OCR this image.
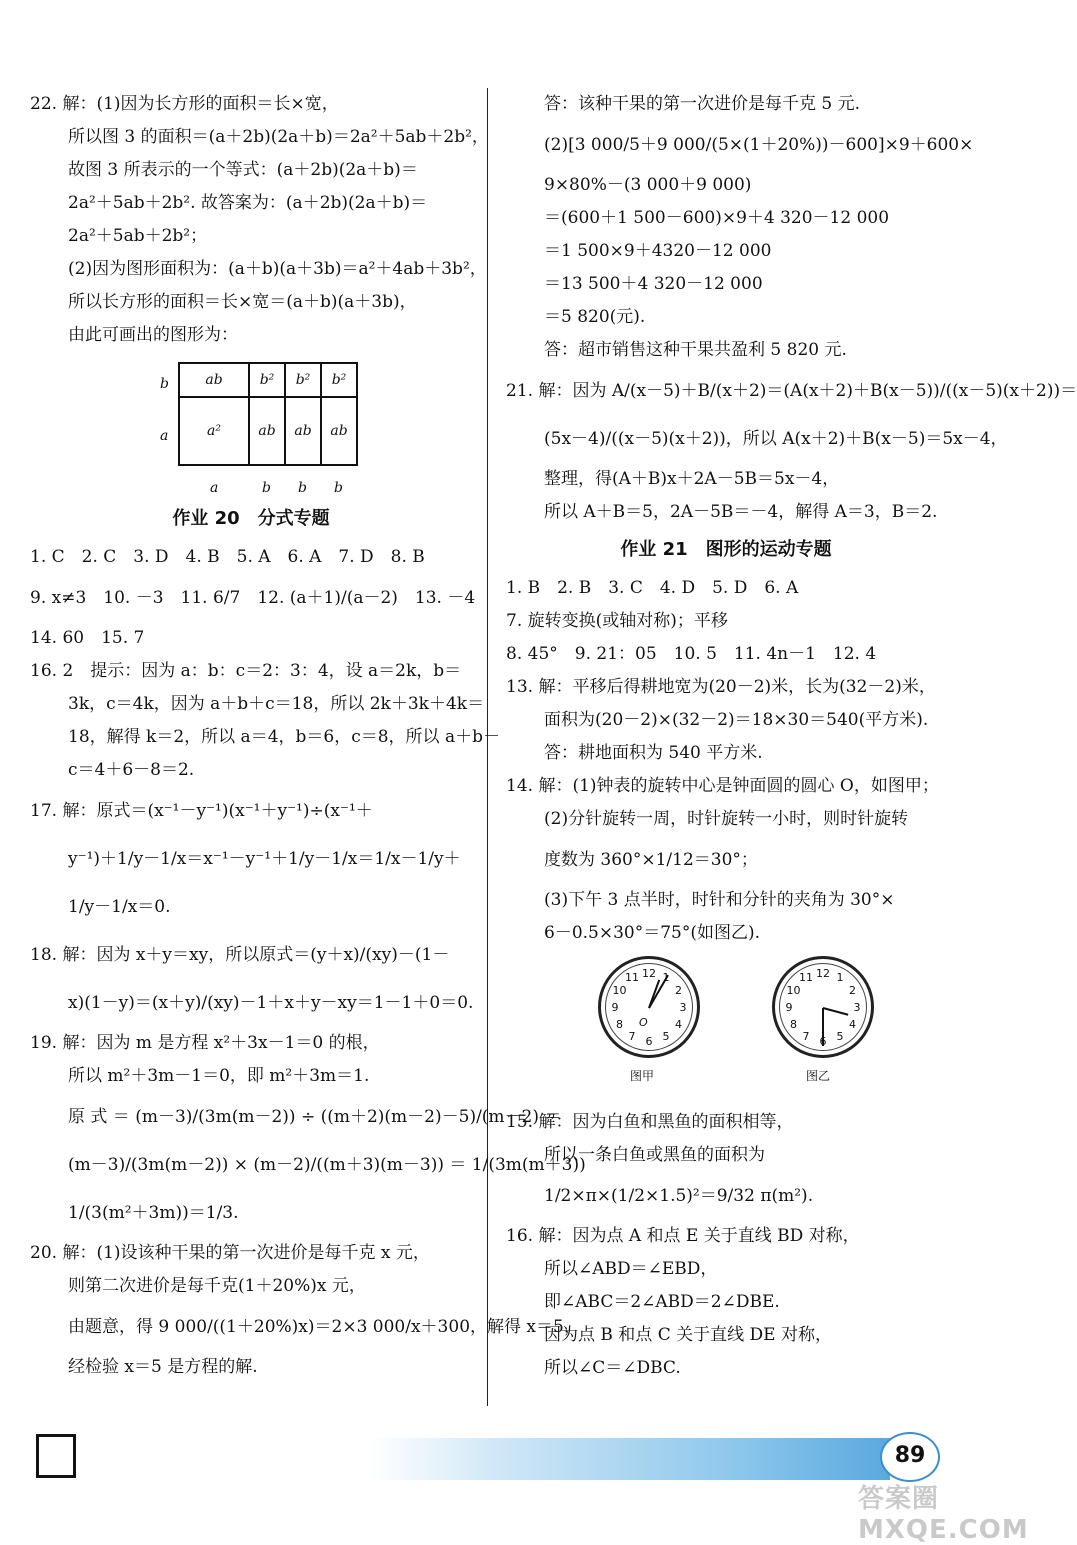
22. 解：(1)因为长方形的面积＝长×宽，
所以图 3 的面积＝(a＋2b)(2a＋b)＝2a²＋5ab＋2b²，
故图 3 所表示的一个等式：(a＋2b)(2a＋b)＝
2a²＋5ab＋2b². 故答案为：(a＋2b)(2a＋b)＝
2a²＋5ab＋2b²；
(2)因为图形面积为：(a＋b)(a＋3b)＝a²＋4ab＋3b²，
所以长方形的面积＝长×宽＝(a＋b)(a＋3b)，
由此可画出的图形为：
b
a
ab	b²	b²	b²
a²	ab	ab	ab
a	b b b
作业 20　分式专题
1. C　2. C　3. D　4. B　5. A　6. A　7. D　8. B
9. x≠3　10. －3　11. 6/7　12. (a＋1)/(a－2)　13. －4
14. 60　15. 7
16. 2　提示：因为 a：b：c＝2：3：4，设 a＝2k，b＝
3k，c＝4k，因为 a＋b＋c＝18，所以 2k＋3k＋4k＝
18，解得 k＝2，所以 a＝4，b＝6，c＝8，所以 a＋b－
c＝4＋6－8＝2.
17. 解：原式＝(x⁻¹－y⁻¹)(x⁻¹＋y⁻¹)÷(x⁻¹＋
y⁻¹)＋1/y－1/x＝x⁻¹－y⁻¹＋1/y－1/x＝1/x－1/y＋
1/y－1/x＝0.
18. 解：因为 x＋y＝xy，所以原式＝(y＋x)/(xy)－(1－
x)(1－y)＝(x＋y)/(xy)－1＋x＋y－xy＝1－1＋0＝0.
19. 解：因为 m 是方程 x²＋3x－1＝0 的根，
所以 m²＋3m－1＝0，即 m²＋3m＝1.
原 式 ＝ (m－3)/(3m(m－2)) ÷ ((m＋2)(m－2)－5)/(m－2) ＝
(m－3)/(3m(m－2)) × (m－2)/((m＋3)(m－3)) ＝ 1/(3m(m＋3))
1/(3(m²＋3m))＝1/3.
20. 解：(1)设该种干果的第一次进价是每千克 x 元，
则第二次进价是每千克(1＋20%)x 元，
由题意，得 9 000/((1＋20%)x)＝2×3 000/x＋300，解得 x＝5，
经检验 x＝5 是方程的解.
答：该种干果的第一次进价是每千克 5 元.
(2)[3 000/5＋9 000/(5×(1＋20%))－600]×9＋600×
9×80%－(3 000＋9 000)
＝(600＋1 500－600)×9＋4 320－12 000
＝1 500×9＋4320－12 000
＝13 500＋4 320－12 000
＝5 820(元).
答：超市销售这种干果共盈利 5 820 元.
21. 解：因为 A/(x－5)＋B/(x＋2)＝(A(x＋2)＋B(x－5))/((x－5)(x＋2))＝
(5x－4)/((x－5)(x＋2))，所以 A(x＋2)＋B(x－5)＝5x－4，
整理，得(A＋B)x＋2A－5B＝5x－4，
所以 A＋B＝5，2A－5B＝－4，解得 A＝3，B＝2.
作业 21　图形的运动专题
1. B　2. B　3. C　4. D　5. D　6. A
7. 旋转变换(或轴对称)；平移
8. 45°　9. 21：05　10. 5　11. 4n－1　12. 4
13. 解：平移后得耕地宽为(20－2)米，长为(32－2)米，
面积为(20－2)×(32－2)＝18×30＝540(平方米).
答：耕地面积为 540 平方米.
14. 解：(1)钟表的旋转中心是钟面圆的圆心 O，如图甲；
(2)分针旋转一周，时针旋转一小时，则时针旋转
度数为 360°×1/12＝30°；
(3)下午 3 点半时，时针和分针的夹角为 30°×
6－0.5×30°＝75°(如图乙).
O
12 1
2
3
4
5
6
7
8
9
10
11	12 1
2
3
4
5
6
7
8
9
10
11
图甲	图乙
15. 解：因为白鱼和黑鱼的面积相等，
所以一条白鱼或黑鱼的面积为
1/2×π×(1/2×1.5)²＝9/32 π(m²).
16. 解：因为点 A 和点 E 关于直线 BD 对称，
所以∠ABD＝∠EBD，
即∠ABC＝2∠ABD＝2∠DBE.
因为点 B 和点 C 关于直线 DE 对称，
所以∠C＝∠DBC.
89
答案圈 MXQE.COM
